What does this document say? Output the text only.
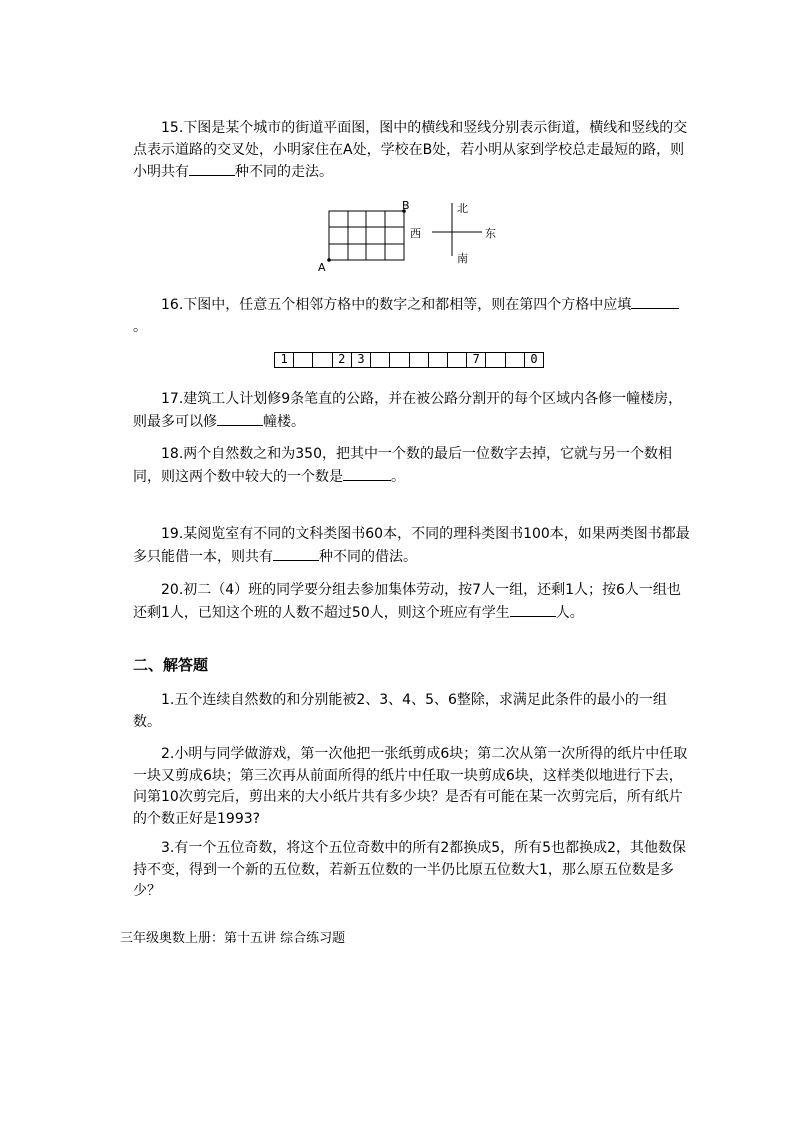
15.下图是某个城市的街道平面图，图中的横线和竖线分别表示街道，横线和竖线的交点表示道路的交叉处，小明家住在A处，学校在B处，若小明从家到学校总走最短的路，则小明共有	种不同的走法。

A
B	北
西	东
南

16.下图中，任意五个相邻方格中的数字之和都相等，则在第四个方格中应填。

1	2 3	7	0

17.建筑工人计划修9条笔直的公路，并在被公路分割开的每个区域内各修一幢楼房，则最多可以修	幢楼。

18.两个自然数之和为350，把其中一个数的最后一位数字去掉，它就与另一个数相同，则这两个数中较大的一个数是	。

19.某阅览室有不同的文科类图书60本，不同的理科类图书100本，如果两类图书都最多只能借一本，则共有	种不同的借法。

20.初二（4）班的同学要分组去参加集体劳动，按7人一组，还剩1人；按6人一组也还剩1人，已知这个班的人数不超过50人，则这个班应有学生	人。

二、解答题

1.五个连续自然数的和分别能被2、3、4、5、6整除，求满足此条件的最小的一组数。

2.小明与同学做游戏，第一次他把一张纸剪成6块；第二次从第一次所得的纸片中任取一块又剪成6块；第三次再从前面所得的纸片中任取一块剪成6块，这样类似地进行下去，问第10次剪完后，剪出来的大小纸片共有多少块？是否有可能在某一次剪完后，所有纸片的个数正好是1993?

3.有一个五位奇数，将这个五位奇数中的所有2都换成5，所有5也都换成2，其他数保持不变，得到一个新的五位数，若新五位数的一半仍比原五位数大1，那么原五位数是多少？

三年级奥数上册：第十五讲 综合练习题
